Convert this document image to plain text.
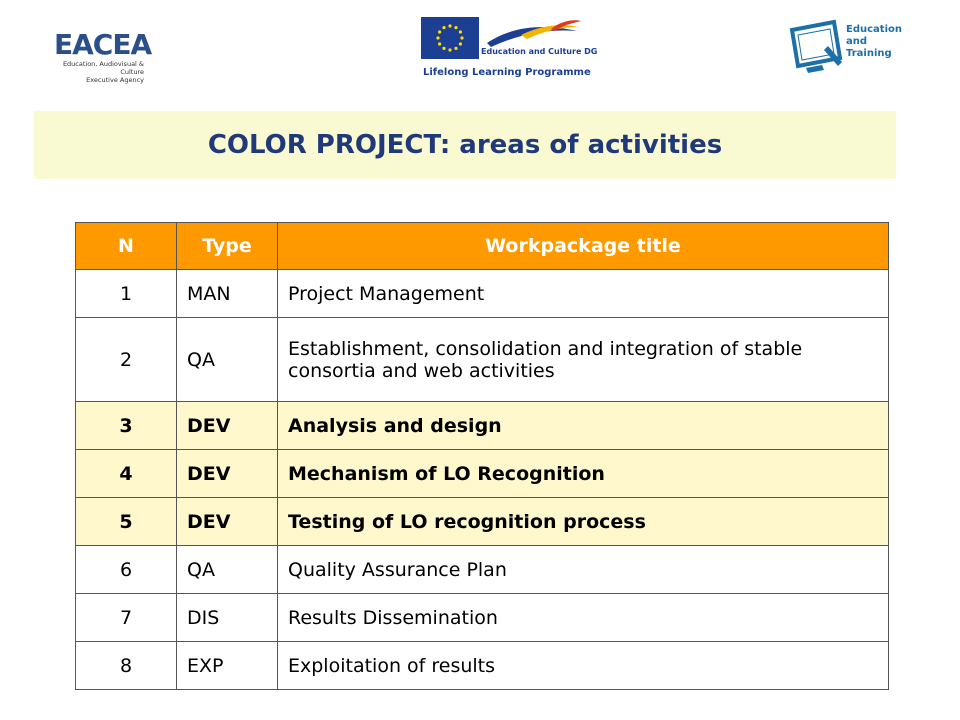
EACEA
Education, Audiovisual & Culture
Executive Agency
Education and Culture DG
Lifelong Learning Programme
Education
and
Training
COLOR PROJECT: areas of activities
N	Type	Workpackage title
1	MAN	Project Management
2	QA	Establishment, consolidation and integration of stable consortia and web activities
3	DEV	Analysis and design
4	DEV	Mechanism of LO Recognition
5	DEV	Testing of LO recognition process
6	QA	Quality Assurance Plan
7	DIS	Results Dissemination
8	EXP	Exploitation of results
